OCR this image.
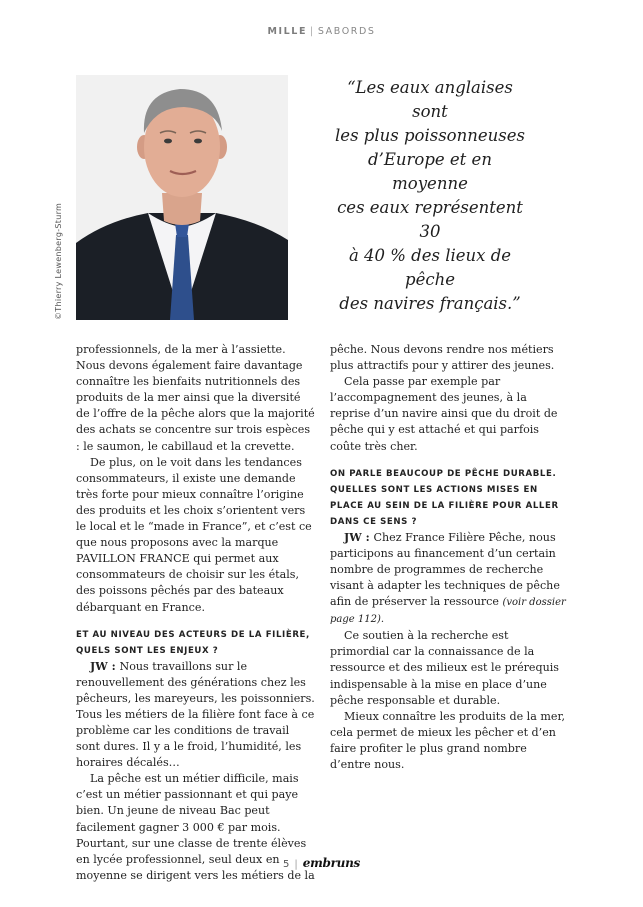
MILLE | SABORDS
©Thierry Lewenberg-Sturm
“Les eaux anglaises sont
les plus poissonneuses
d’Europe et en moyenne
ces eaux représentent 30
à 40 % des lieux de pêche
des navires français.”

professionnels, de la mer à l’assiette. Nous devons également faire davantage connaître les bienfaits nutritionnels des produits de la mer ainsi que la diversité de l’offre de la pêche alors que la majorité des achats se concentre sur trois espèces : le saumon, le cabillaud et la crevette.

De plus, on le voit dans les tendances consommateurs, il existe une demande très forte pour mieux connaître l’origine des produits et les choix s’orientent vers le local et le “made in France”, et c’est ce que nous proposons avec la marque PAVILLON FRANCE qui permet aux consommateurs de choisir sur les étals, des poissons pêchés par des bateaux débarquant en France.

ET AU NIVEAU DES ACTEURS DE LA FILIÈRE, QUELS SONT LES ENJEUX ?

JW : Nous travaillons sur le renouvellement des générations chez les pêcheurs, les mareyeurs, les poissonniers. Tous les métiers de la filière font face à ce problème car les conditions de travail sont dures. Il y a le froid, l’humidité, les horaires décalés…

La pêche est un métier difficile, mais c’est un métier passionnant et qui paye bien. Un jeune de niveau Bac peut facilement gagner 3 000 € par mois. Pourtant, sur une classe de trente élèves en lycée professionnel, seul deux en moyenne se dirigent vers les métiers de la

pêche. Nous devons rendre nos métiers plus attractifs pour y attirer des jeunes.

Cela passe par exemple par l’accompagnement des jeunes, à la reprise d’un navire ainsi que du droit de pêche qui y est attaché et qui parfois coûte très cher.

ON PARLE BEAUCOUP DE PÊCHE DURABLE. QUELLES SONT LES ACTIONS MISES EN PLACE AU SEIN DE LA FILIÈRE POUR ALLER DANS CE SENS ?

JW : Chez France Filière Pêche, nous participons au financement d’un certain nombre de programmes de recherche visant à adapter les techniques de pêche afin de préserver la ressource (voir dossier page 112).

Ce soutien à la recherche est primordial car la connaissance de la ressource et des milieux est le prérequis indispensable à la mise en place d’une pêche responsable et durable.

Mieux connaître les produits de la mer, cela permet de mieux les pêcher et d’en faire profiter le plus grand nombre d’entre nous.

5 | embruns
